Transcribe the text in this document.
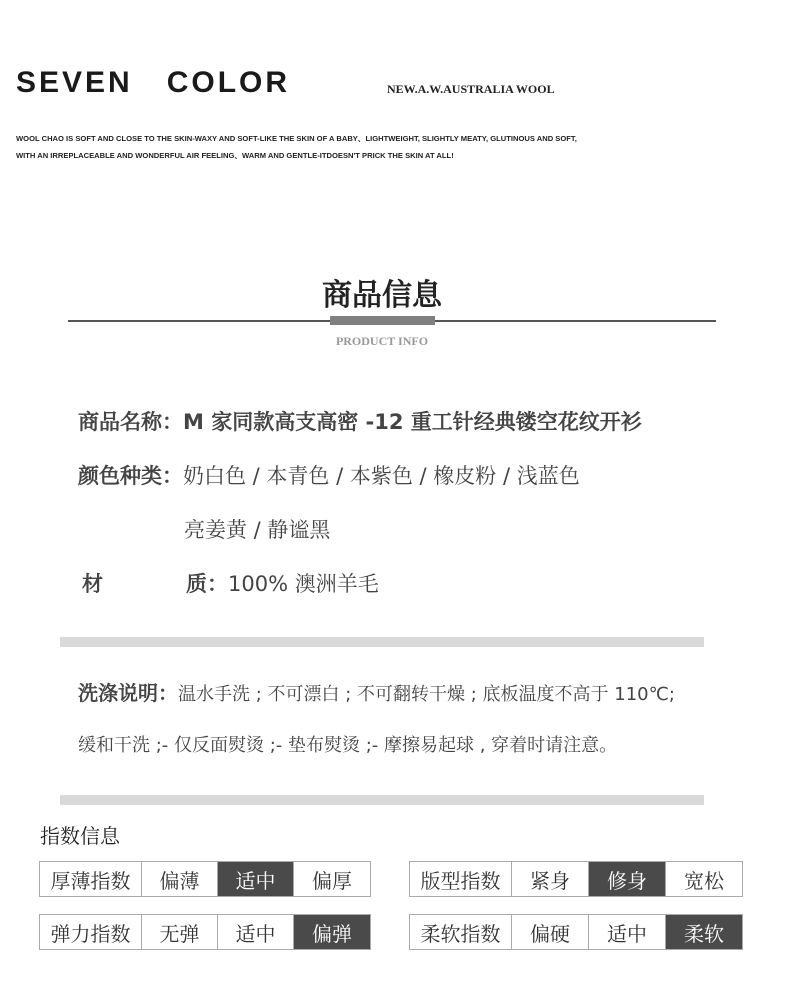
SEVEN   COLOR	NEW.A.W.AUSTRALIA WOOL
WOOL CHAO IS SOFT AND CLOSE TO THE SKIN-WAXY AND SOFT-LIKE THE SKIN OF A BABY、LIGHTWEIGHT, SLIGHTLY MEATY, GLUTINOUS AND SOFT,
WITH AN IRREPLACEABLE AND WONDERFUL AIR FEELING、WARM AND GENTLE-ITDOESN'T PRICK THE SKIN AT ALL!
商品信息
PRODUCT INFO
商品名称：M 家同款高支高密 -12 重工针经典镂空花纹开衫
颜色种类：奶白色 / 本青色 / 本紫色 / 橡皮粉 / 浅蓝色
亮姜黄 / 静谧黑
材	质：100% 澳洲羊毛
洗涤说明：温水手洗 ; 不可漂白 ; 不可翻转干燥 ; 底板温度不高于 110℃;
缓和干洗 ;- 仅反面熨烫 ;- 垫布熨烫 ;- 摩擦易起球 , 穿着时请注意。
指数信息
厚薄指数	偏薄	适中	偏厚	版型指数	紧身	修身	宽松
弹力指数	无弹	适中	偏弹	柔软指数	偏硬	适中	柔软
